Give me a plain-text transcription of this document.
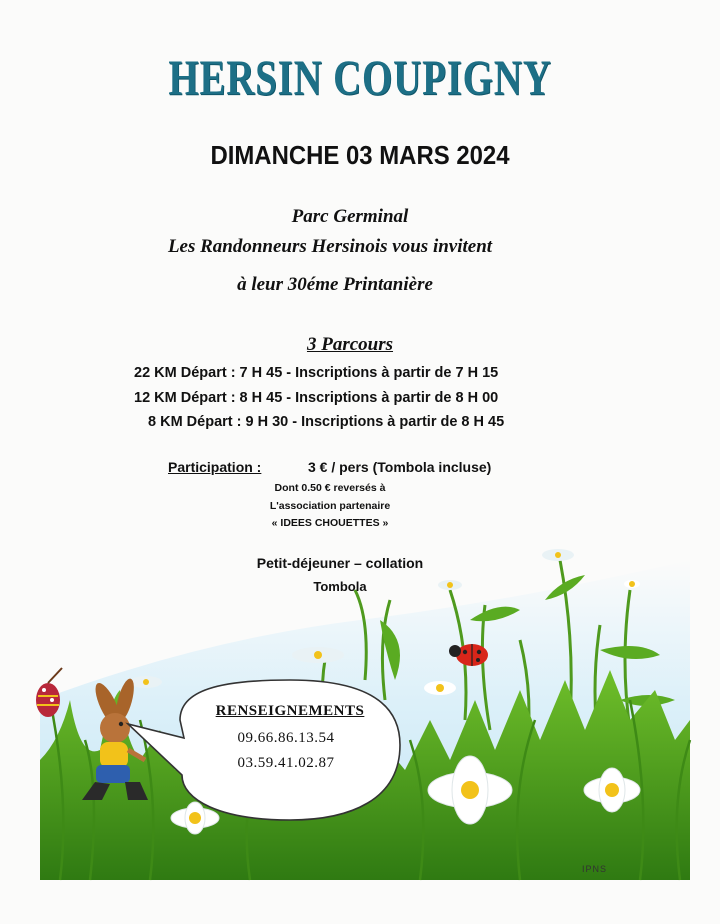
HERSIN COUPIGNY
DIMANCHE 03 MARS 2024
Parc Germinal
Les Randonneurs Hersinois vous invitent
à leur 30éme Printanière
3 Parcours
22 KM Départ : 7 H 45 - Inscriptions à partir de 7 H 15
12 KM Départ : 8 H 45 - Inscriptions à partir de 8 H 00
8 KM Départ : 9 H 30 - Inscriptions à partir de 8 H 45
Participation :	3 € / pers (Tombola incluse)
Dont 0.50 € reversés à
L'association partenaire
« IDEES CHOUETTES »
Petit-déjeuner – collation
Tombola
RENSEIGNEMENTS
09.66.86.13.54
03.59.41.02.87
IPNS
